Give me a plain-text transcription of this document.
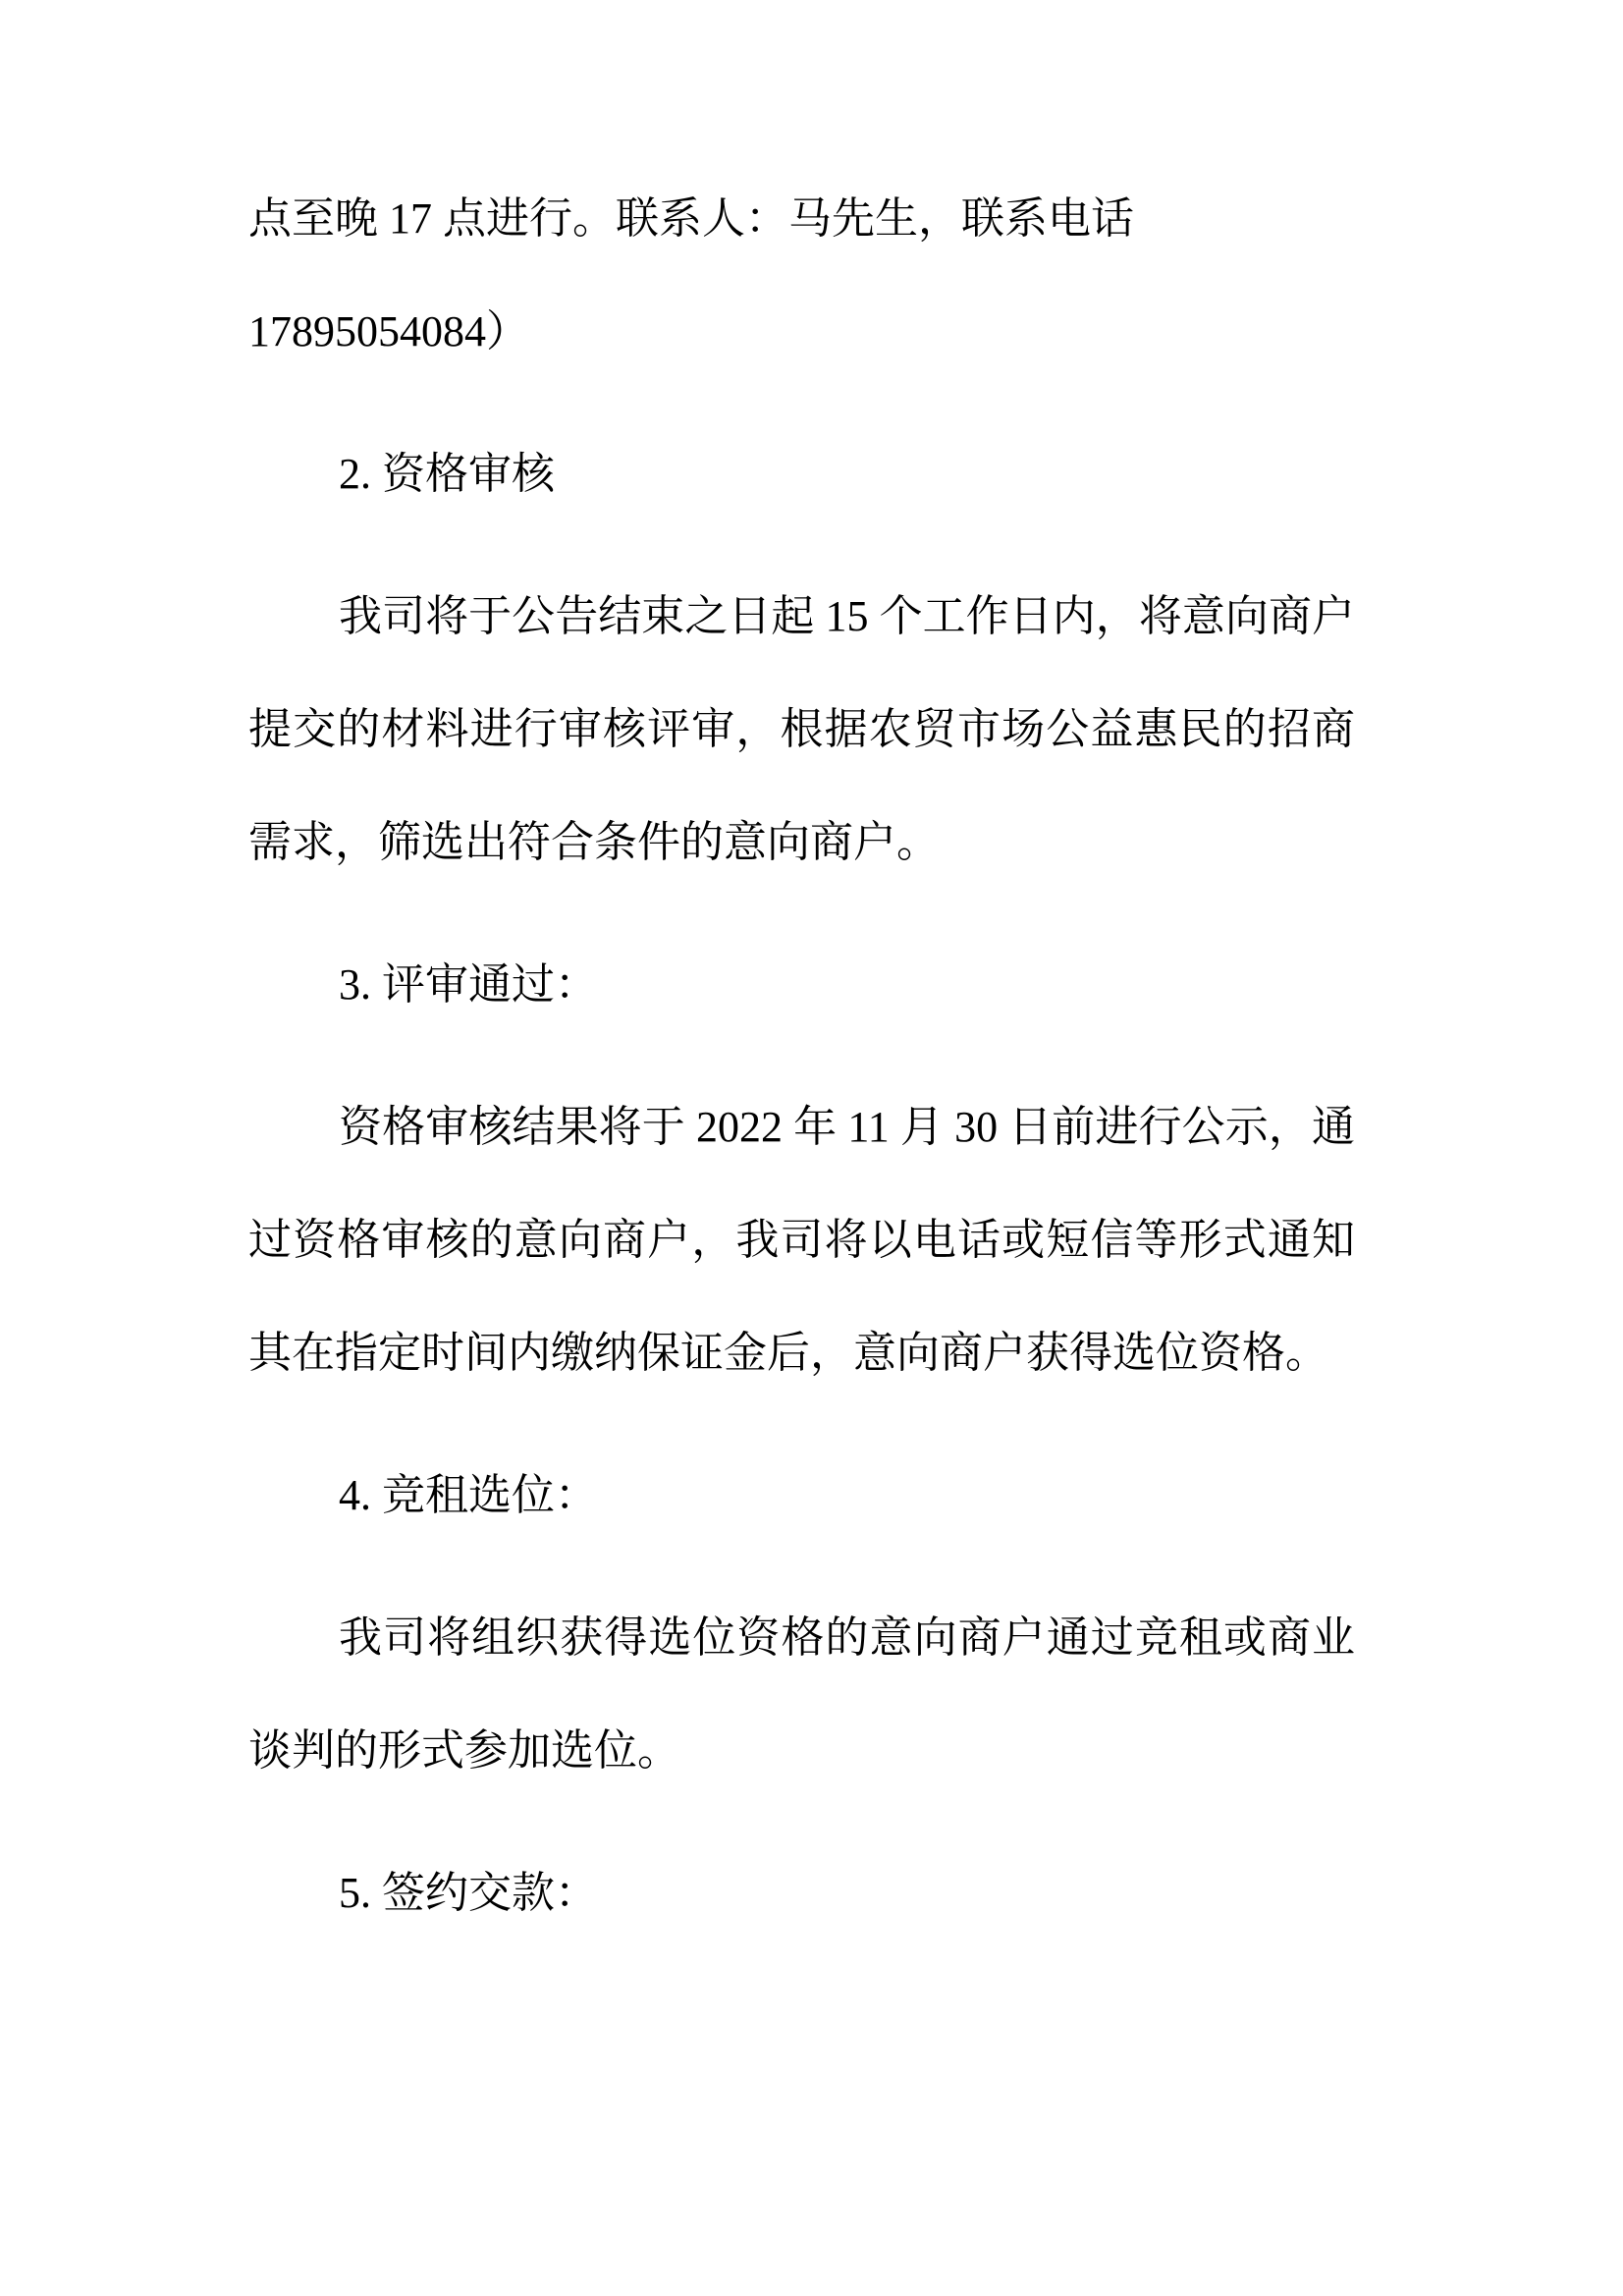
点至晚 17 点进行。联系人：马先生，联系电话
17895054084）

2. 资格审核

我司将于公告结束之日起 15 个工作日内，将意向商户
提交的材料进行审核评审，根据农贸市场公益惠民的招商
需求，筛选出符合条件的意向商户。

3. 评审通过：

资格审核结果将于 2022 年 11 月 30 日前进行公示，通
过资格审核的意向商户，我司将以电话或短信等形式通知
其在指定时间内缴纳保证金后，意向商户获得选位资格。

4. 竞租选位：

我司将组织获得选位资格的意向商户通过竞租或商业
谈判的形式参加选位。

5. 签约交款：
